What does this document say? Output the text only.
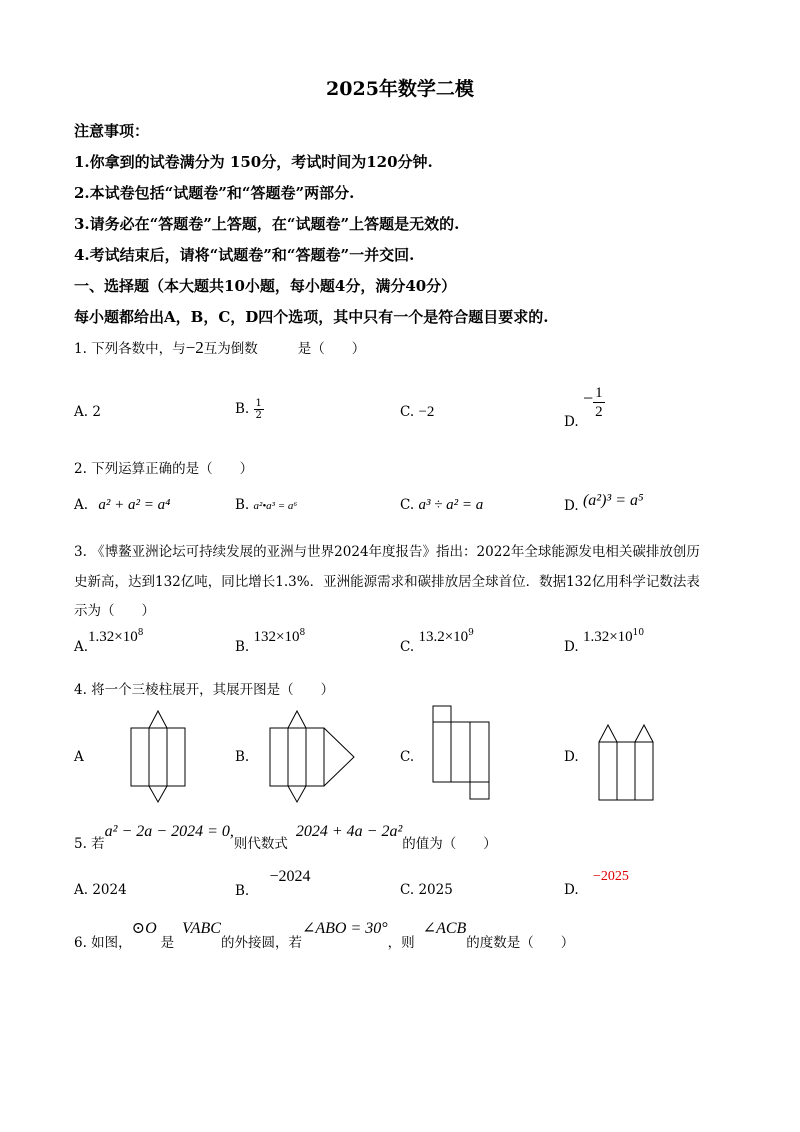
2025年数学二模
注意事项：
1.你拿到的试卷满分为 150分，考试时间为120分钟.
2.本试卷包括“试题卷”和“答题卷”两部分.
3.请务必在“答题卷”上答题，在“试题卷”上答题是无效的.
4.考试结束后，请将“试题卷”和“答题卷”一并交回.
一、选择题（本大题共10小题，每小题4分，满分40分）
每小题都给出A，B，C，D四个选项，其中只有一个是符合题目要求的.
1. 下列各数中，与−2互为倒数	是（　　）
A. 2	B. $\frac{1}{2}$	C. −2
D. − $\frac{1}{2}$
2. 下列运算正确的是（　　）
A. a² + a² = a⁴	B. a²•a³ = a⁶	C. a³ ÷ a² = a	D. (a²)³ = a⁵
3. 《博鳌亚洲论坛可持续发展的亚洲与世界2024年度报告》指出：2022年全球能源发电相关碳排放创历
史新高，达到132亿吨，同比增长1.3%．亚洲能源需求和碳排放居全球首位．数据132亿用科学记数法表
示为（　　）
$A.1.32\times 10^8$
B. $132\times 10^8$
C. $13.2\times 10^9$
D. $1.32\times 10^{10}$
4. 将一个三棱柱展开，其展开图是（　　）
A	B.	C.	D.
5. 若a² − 2a − 2024 = 0,则代数式2024 + 4a − 2a²的值为（　　）
A. 2024	B. −2024
C. 2025	D. −2025
6. 如图，⊙O是VABC的外接圆，若∠ABO = 30°，则∠ACB的度数是（　　）
